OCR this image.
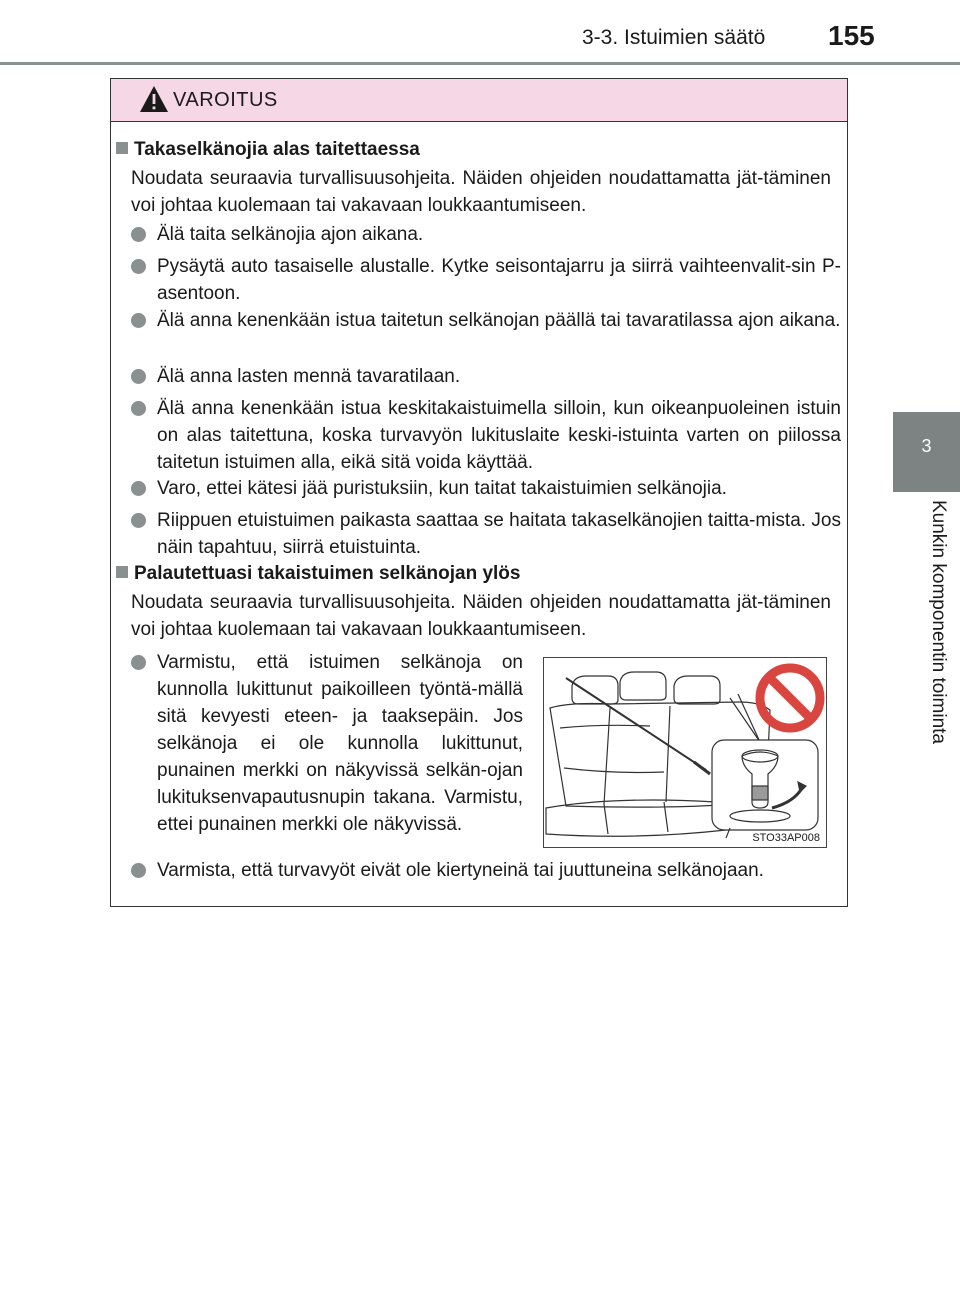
3-3. Istuimien säätö 155
3
Kunkin komponentin toiminta
VAROITUS
Takaselkänojia alas taitettaessa
Noudata seuraavia turvallisuusohjeita. Näiden ohjeiden noudattamatta jät-täminen voi johtaa kuolemaan tai vakavaan loukkaantumiseen.
Älä taita selkänojia ajon aikana.
Pysäytä auto tasaiselle alustalle. Kytke seisontajarru ja siirrä vaihteenvalit-sin P-asentoon.
Älä anna kenenkään istua taitetun selkänojan päällä tai tavaratilassa ajon aikana.
Älä anna lasten mennä tavaratilaan.
Älä anna kenenkään istua keskitakaistuimella silloin, kun oikeanpuoleinen istuin on alas taitettuna, koska turvavyön lukituslaite keski-istuinta varten on piilossa taitetun istuimen alla, eikä sitä voida käyttää.
Varo, ettei kätesi jää puristuksiin, kun taitat takaistuimien selkänojia.
Riippuen etuistuimen paikasta saattaa se haitata takaselkänojien taitta-mista. Jos näin tapahtuu, siirrä etuistuinta.
Palautettuasi takaistuimen selkänojan ylös
Noudata seuraavia turvallisuusohjeita. Näiden ohjeiden noudattamatta jät-täminen voi johtaa kuolemaan tai vakavaan loukkaantumiseen.
Varmistu, että istuimen selkänoja on kunnolla lukittunut paikoilleen työntä-mällä sitä kevyesti eteen- ja taaksepäin. Jos selkänoja ei ole kunnolla lukittunut, punainen merkki on näkyvissä selkän-ojan lukituksenvapautusnupin takana. Varmistu, ettei punainen merkki ole näkyvissä.
Varmista, että turvavyöt eivät ole kiertyneinä tai juuttuneina selkänojaan.
STO33AP008
